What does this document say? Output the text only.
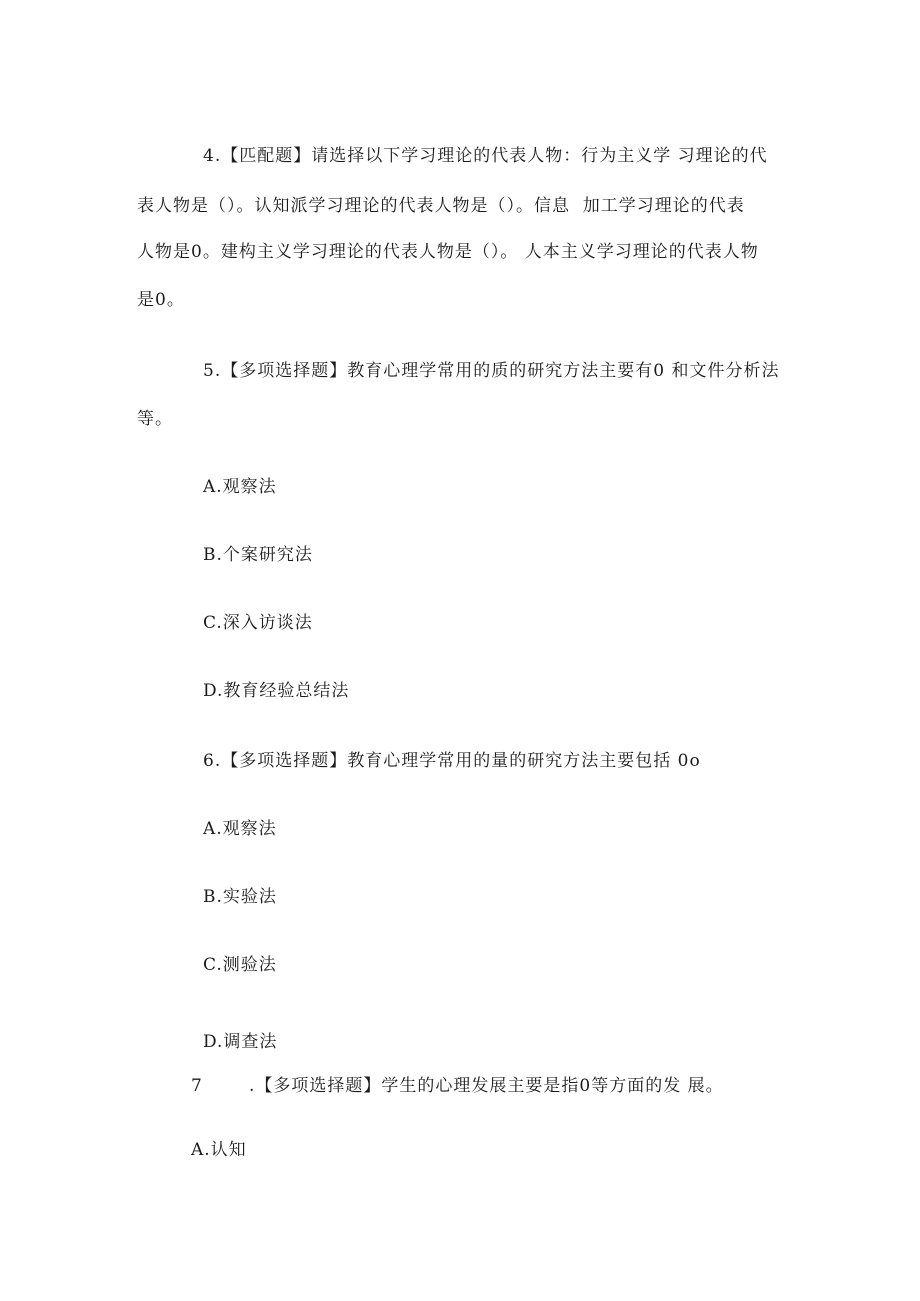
4.【匹配题】请选择以下学习理论的代表人物：行为主义学 习理论的代
表人物是（）。认知派学习理论的代表人物是（）。信息  加工学习理论的代表
人物是0。建构主义学习理论的代表人物是（）。 人本主义学习理论的代表人物
是0。
5.【多项选择题】教育心理学常用的质的研究方法主要有0 和文件分析法
等。
A.观察法
B.个案研究法
C.深入访谈法
D.教育经验总结法
6.【多项选择题】教育心理学常用的量的研究方法主要包括 0o
A.观察法
B.实验法
C.测验法
D.调查法
7	.【多项选择题】学生的心理发展主要是指0等方面的发 展。
A.认知
